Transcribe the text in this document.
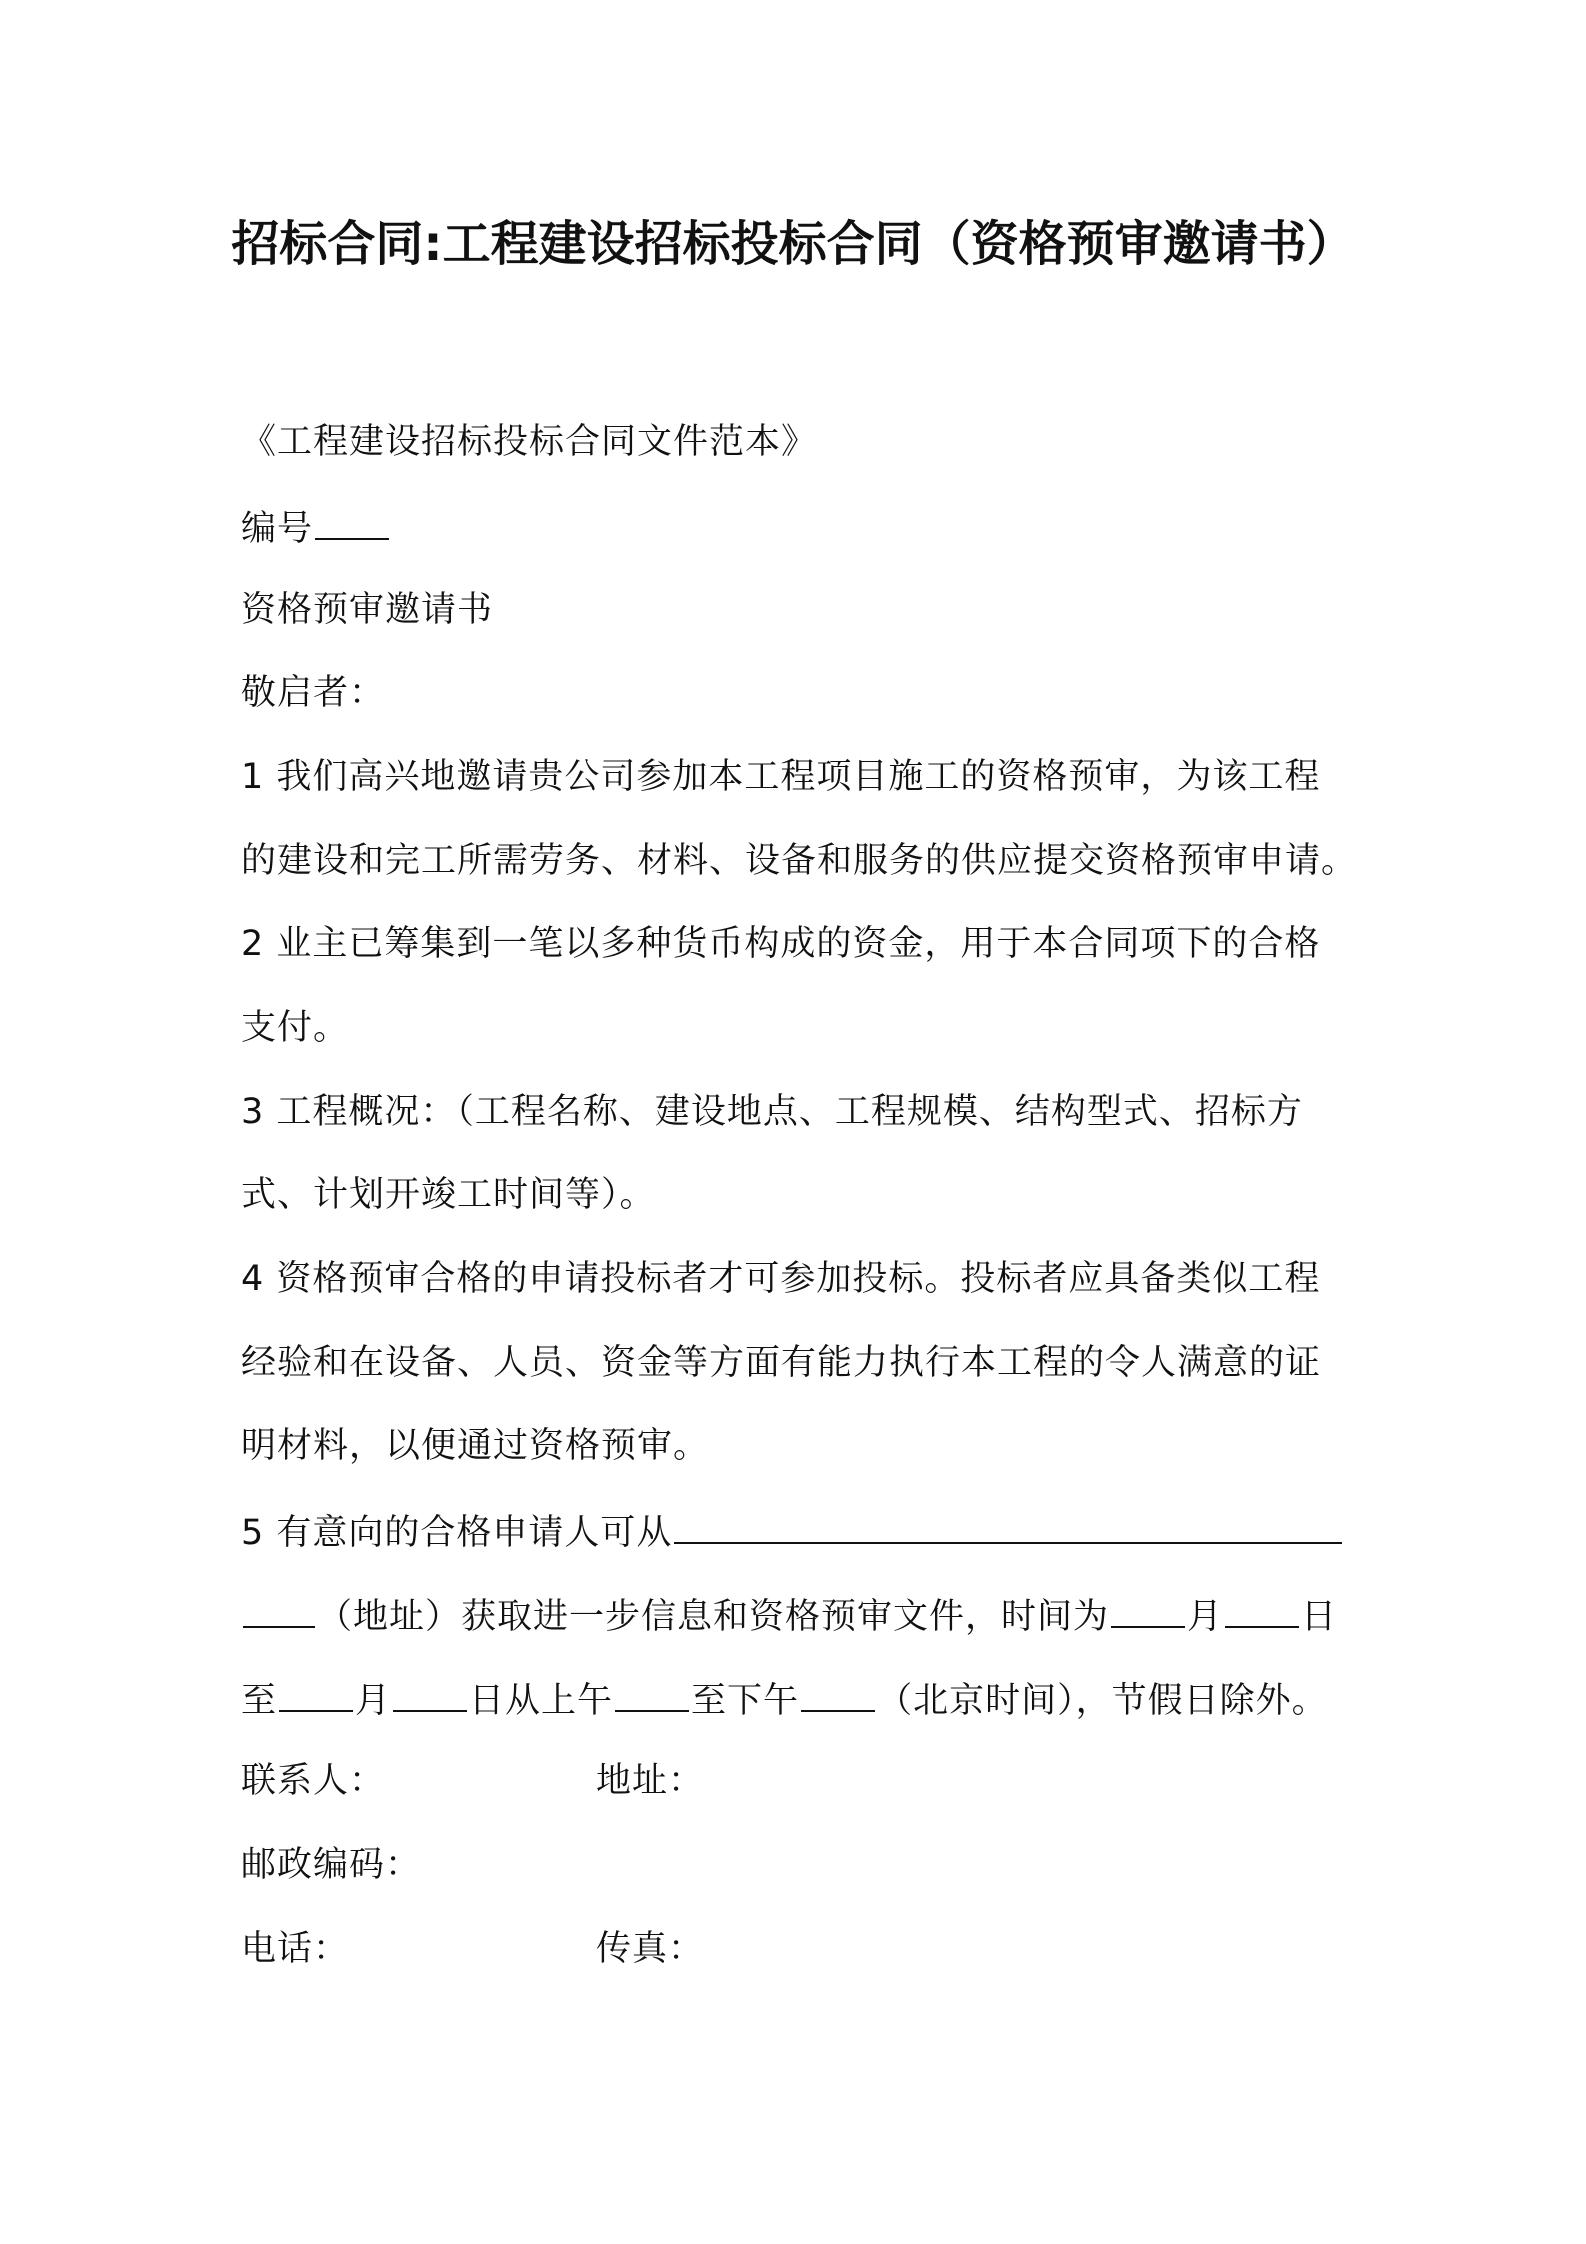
招标合同:工程建设招标投标合同（资格预审邀请书）
《工程建设招标投标合同文件范本》
编号
资格预审邀请书
敬启者：
1 我们高兴地邀请贵公司参加本工程项目施工的资格预审，为该工程
的建设和完工所需劳务、材料、设备和服务的供应提交资格预审申请。
2 业主已筹集到一笔以多种货币构成的资金，用于本合同项下的合格
支付。
3 工程概况：（工程名称、建设地点、工程规模、结构型式、招标方
式、计划开竣工时间等）。
4 资格预审合格的申请投标者才可参加投标。投标者应具备类似工程
经验和在设备、人员、资金等方面有能力执行本工程的令人满意的证
明材料，以便通过资格预审。
5 有意向的合格申请人可从
（地址）获取进一步信息和资格预审文件，时间为 月 日
至 月 日从上午 至下午 （北京时间），节假日除外。
联系人：	地址：
邮政编码：
电话：	传真：
